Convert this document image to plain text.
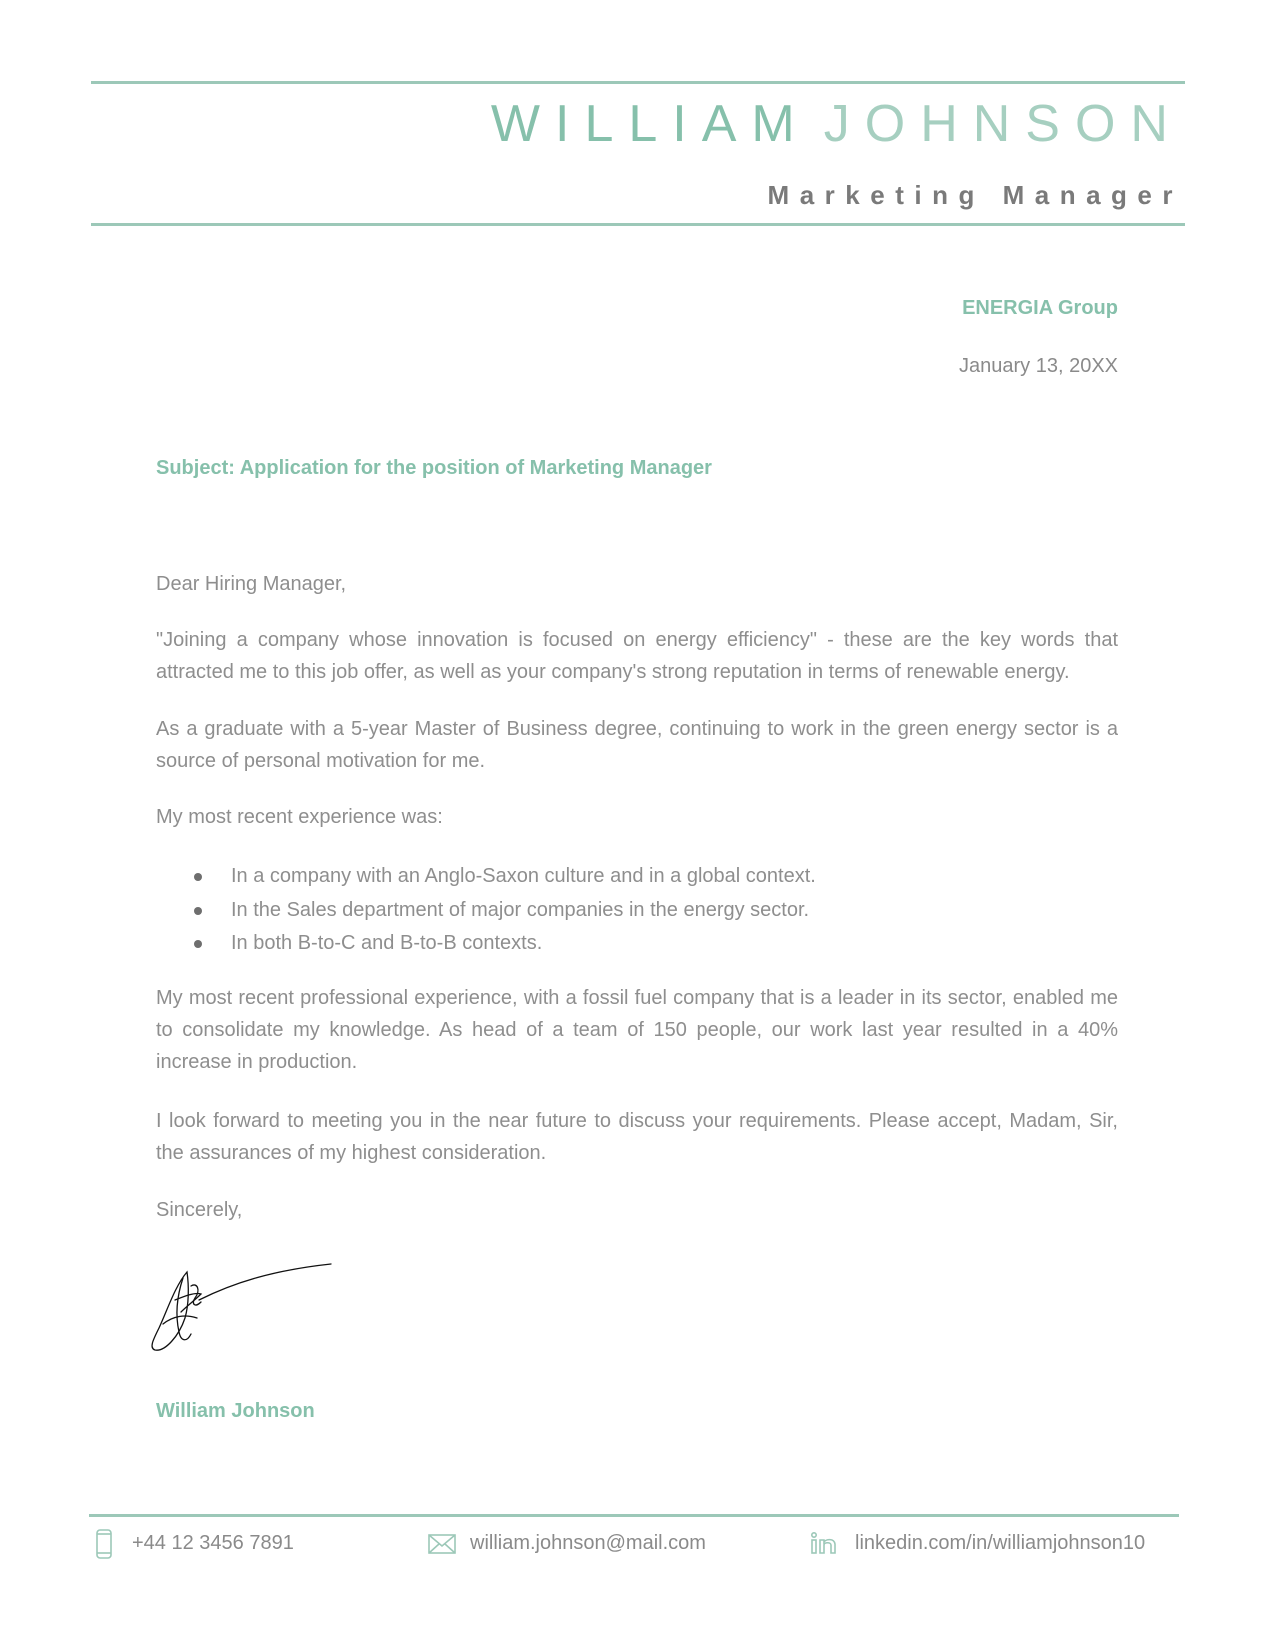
WILLIAM JOHNSON
Marketing Manager
ENERGIA Group
January 13, 20XX
Subject: Application for the position of Marketing Manager
Dear Hiring Manager,
"Joining a company whose innovation is focused on energy efficiency" - these are the key words that attracted me to this job offer, as well as your company's strong reputation in terms of renewable energy.
As a graduate with a 5-year Master of Business degree, continuing to work in the green energy sector is a source of personal motivation for me.
My most recent experience was:
In a company with an Anglo-Saxon culture and in a global context.
In the Sales department of major companies in the energy sector.
In both B-to-C and B-to-B contexts.
My most recent professional experience, with a fossil fuel company that is a leader in its sector, enabled me to consolidate my knowledge. As head of a team of 150 people, our work last year resulted in a 40% increase in production.
I look forward to meeting you in the near future to discuss your requirements. Please accept, Madam, Sir, the assurances of my highest consideration.
Sincerely,
William Johnson
+44 12 3456 7891	william.johnson@mail.com	linkedin.com/in/williamjohnson10
